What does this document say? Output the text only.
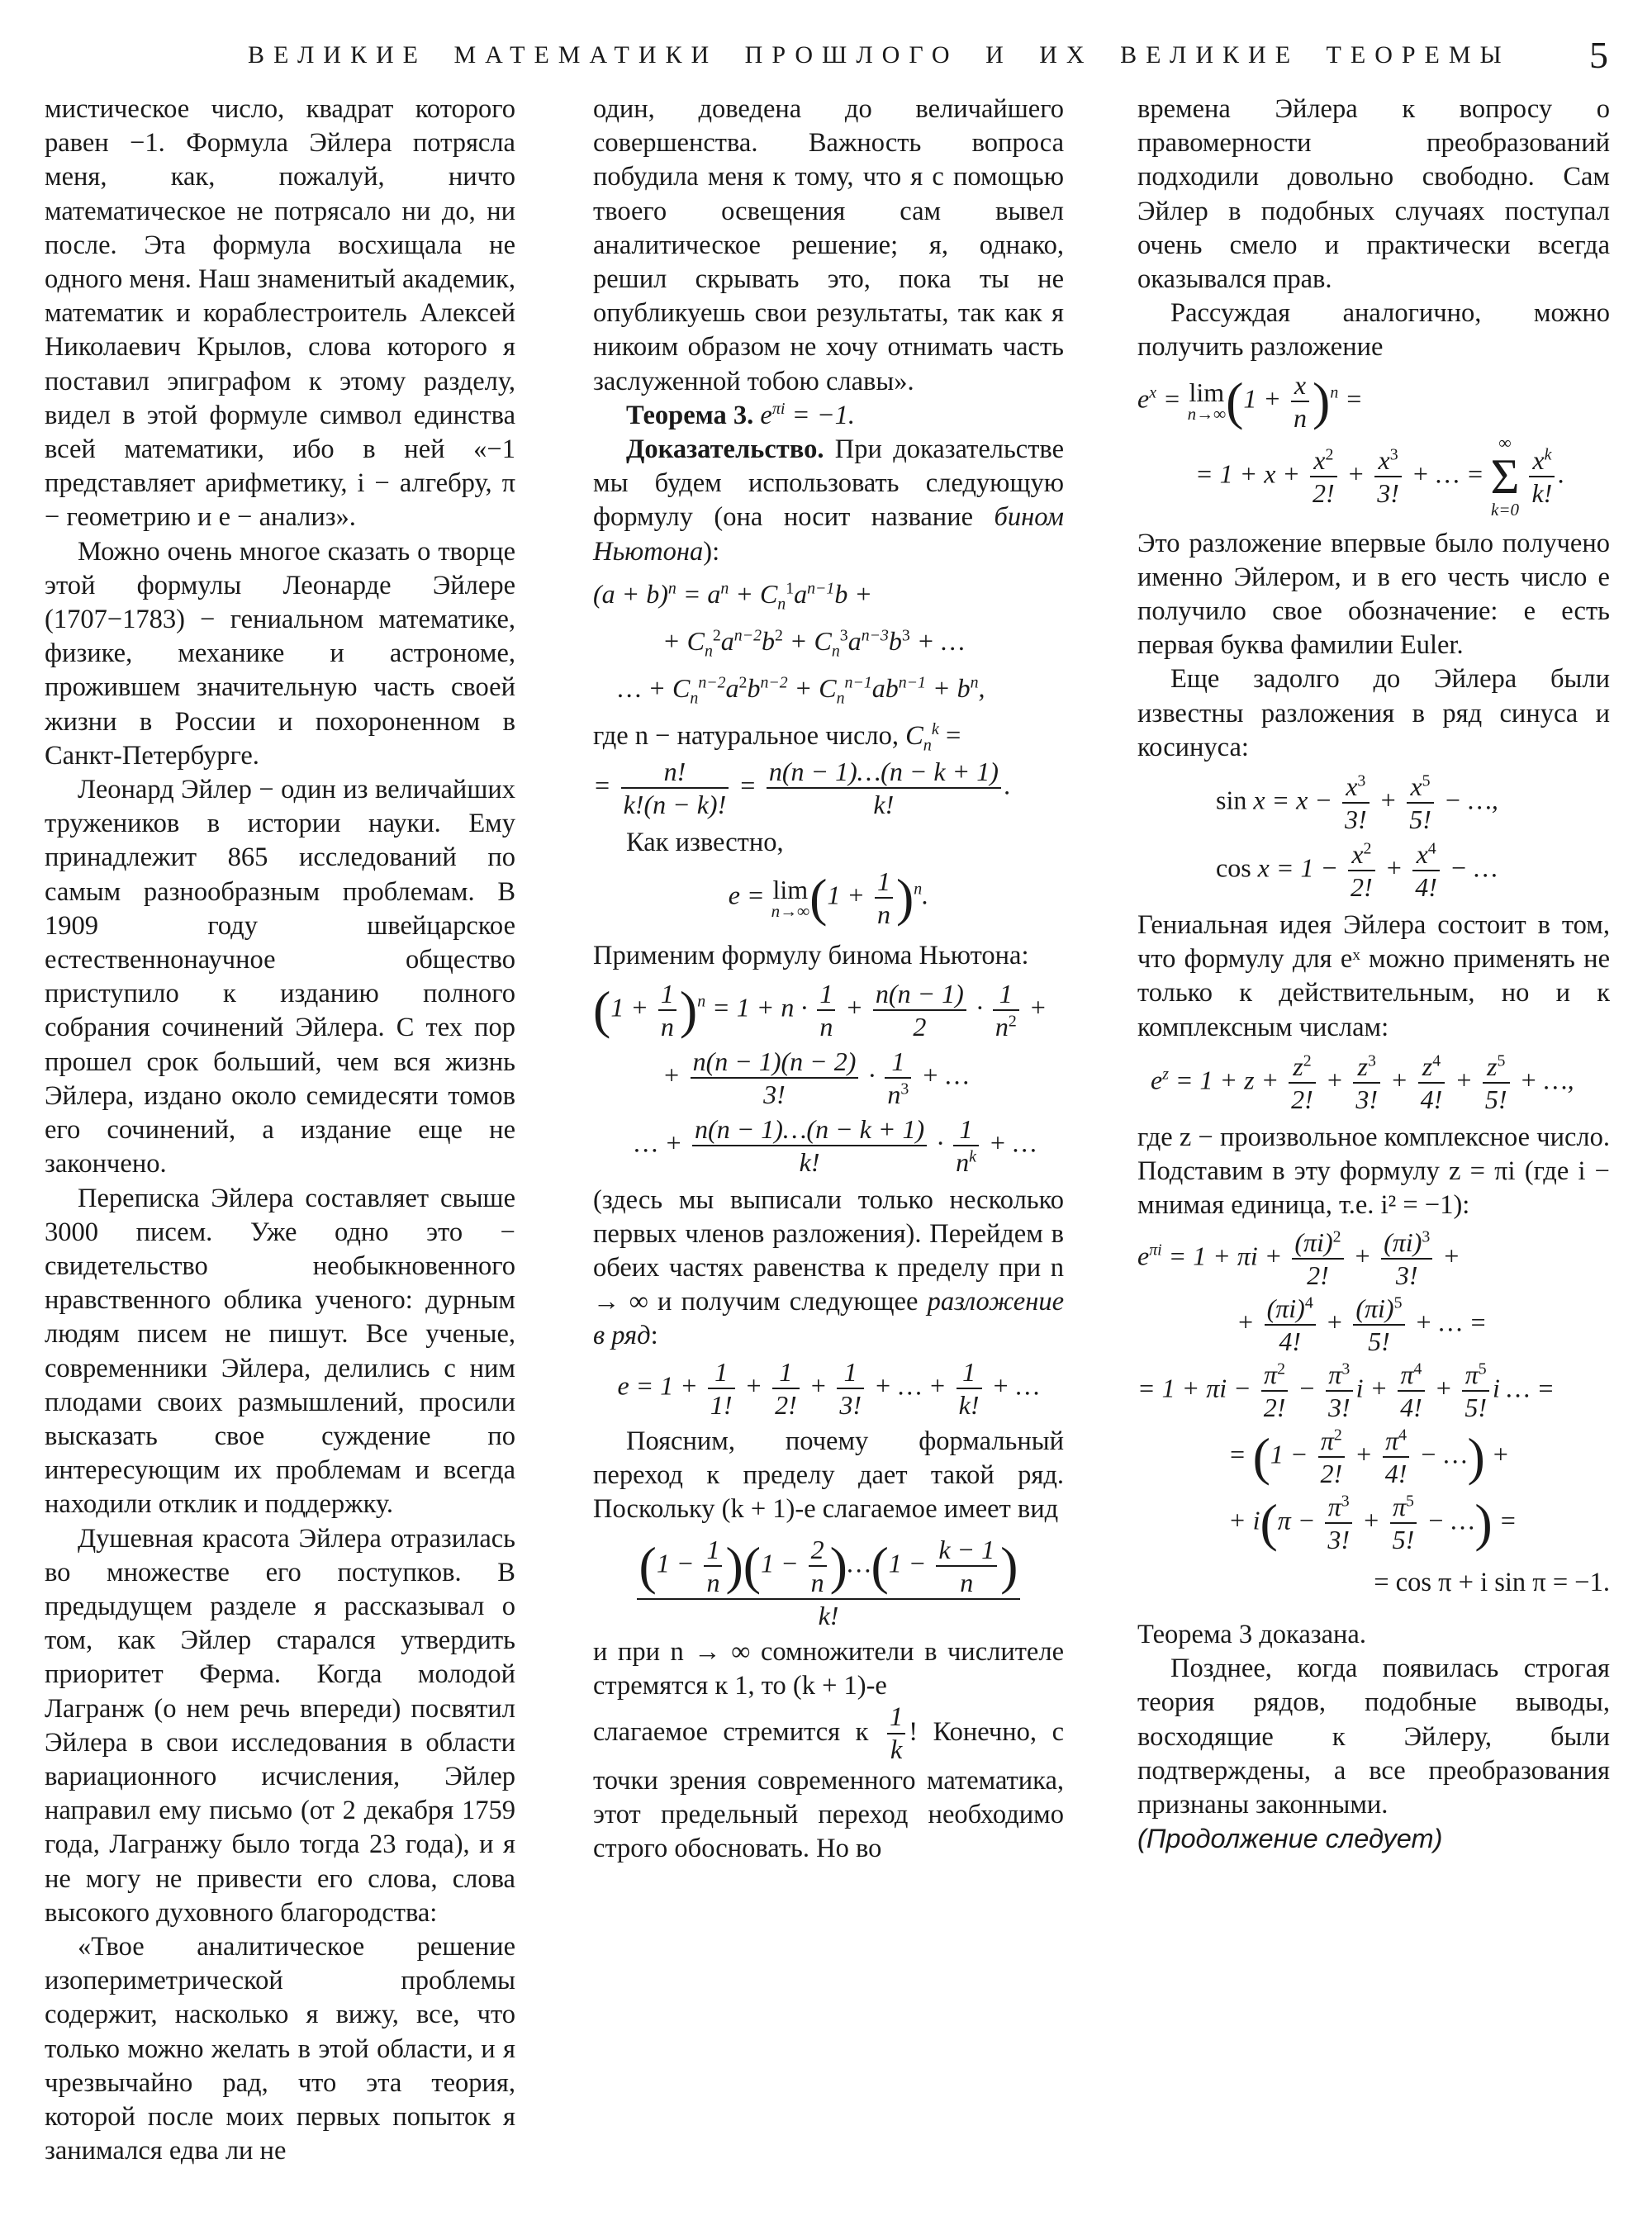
ВЕЛИКИЕ МАТЕМАТИКИ ПРОШЛОГО И ИХ ВЕЛИКИЕ ТЕОРЕМЫ 5

мистическое число, квадрат которого равен −1. Формула Эйлера потрясла меня, как, пожалуй, ничто математическое не потрясало ни до, ни после. Эта формула восхищала не одного меня. Наш знаменитый академик, математик и кораблестроитель Алексей Николаевич Крылов, слова которого я поставил эпиграфом к этому разделу, видел в этой формуле символ единства всей математики, ибо в ней «−1 представляет арифметику, i − алгебру, π − геометрию и e − анализ».

Можно очень многое сказать о творце этой формулы Леонарде Эйлере (1707−1783) − гениальном математике, физике, механике и астрономе, прожившем значительную часть своей жизни в России и похороненном в Санкт-Петербурге.

Леонард Эйлер − один из величайших тружеников в истории науки. Ему принадлежит 865 исследований по самым разнообразным проблемам. В 1909 году швейцарское естественнонаучное общество приступило к изданию полного собрания сочинений Эйлера. С тех пор прошел срок больший, чем вся жизнь Эйлера, издано около семидесяти томов его сочинений, а издание еще не закончено.

Переписка Эйлера составляет свыше 3000 писем. Уже одно это − свидетельство необыкновенного нравственного облика ученого: дурным людям писем не пишут. Все ученые, современники Эйлера, делились с ним плодами своих размышлений, просили высказать свое суждение по интересующим их проблемам и всегда находили отклик и поддержку.

Душевная красота Эйлера отразилась во множестве его поступков. В предыдущем разделе я рассказывал о том, как Эйлер старался утвердить приоритет Ферма. Когда молодой Лагранж (о нем речь впереди) посвятил Эйлера в свои исследования в области вариационного исчисления, Эйлер направил ему письмо (от 2 декабря 1759 года, Лагранжу было тогда 23 года), и я не могу не привести его слова, слова высокого духовного благородства:

«Твое аналитическое решение изопериметрической проблемы содержит, насколько я вижу, все, что только можно желать в этой области, и я чрезвычайно рад, что эта теория, которой после моих первых попыток я занимался едва ли не

один, доведена до величайшего совершенства. Важность вопроса побудила меня к тому, что я с помощью твоего освещения сам вывел аналитическое решение; я, однако, решил скрывать это, пока ты не опубликуешь свои результаты, так как я никоим образом не хочу отнимать часть заслуженной тобою славы».

Теорема 3. $e^{\pi i} = -1$.

Доказательство. При доказательстве мы будем использовать следующую формулу (она носит название бином Ньютона):

$(a + b)^n = a^n + C_n^1a^{n-1}b$ +
+ $C_n^2a^{n-2}b^2 + C_n^3a^{n-3}b^3$ + …
… + $C_n^{n-2}a^2b^{n-2} + C_n^{n-1}ab^{n-1} + b^n$,

где n − натуральное число, $C_n^k$ =

= $\frac{n!}{k!(n - k)!} = \frac{n(n - 1)\dots(n - k + 1)}{k!}$ .

Как известно,

e = lim
n→∞ $(1 + \frac{1}{n} )^n$.

Применим формулу бинома Ньютона:

$(1 + \frac{1}{n} )^n = 1 + n \cdot \frac{1}{n} + \frac{n(n - 1)}{2} \cdot \frac{1}{n^2}$ +
+ $\frac{n(n - 1)(n - 2)}{3!} \cdot \frac{1}{n^3}$ + …
… + $\frac{n(n - 1)\dots(n - k + 1)}{k!} \cdot \frac{1}{n^k}$ + …

(здесь мы выписали только несколько первых членов разложения). Перейдем в обеих частях равенства к пределу при n → ∞ и получим следующее разложение в ряд:

$e = 1 + \frac{1}{1!} + \frac{1}{2!} + \frac{1}{3!}$ + … + $\frac{1}{k!}$ + …

Поясним, почему формальный переход к пределу дает такой ряд. Поскольку (k + 1)-е слагаемое имеет вид

$\frac{(1 - \frac{1}{n} )(1 - \frac{2}{n} )\dots(1 - \frac{k - 1}{n} )}{k!}$

и при n → ∞ сомножители в числителе стремятся к 1, то (k + 1)-е

слагаемое стремится к $\frac{1}{k}$ ! Конечно, с точки зрения современного математика, этот предельный переход необходимо строго обосновать. Но во

времена Эйлера к вопросу о правомерности преобразований подходили довольно свободно. Сам Эйлер в подобных случаях поступал очень смело и практически всегда оказывался прав.

Рассуждая аналогично, можно получить разложение

$e^x = \lim$
n→∞ $(1 + \frac{x}{n} )^n$ =
= $1 + x + \frac{x^2}{2!} + \frac{x^3}{3!}$ + … =
∞
Σ
k=0

$\frac{x^k}{k!}$ .

Это разложение впервые было получено именно Эйлером, и в его честь число e получило свое обозначение: e есть первая буква фамилии Euler.

Еще задолго до Эйлера были известны разложения в ряд синуса и косинуса:

$\sin x = x - \frac{x^3}{3!} + \frac{x^5}{5!}$ − …,
$\cos x = 1 - \frac{x^2}{2!} + \frac{x^4}{4!}$ − …

Гениальная идея Эйлера состоит в том, что формулу для eˣ можно применять не только к действительным, но и к комплексным числам:

$e^z = 1 + z + \frac{z^2}{2!} + \frac{z^3}{3!} + \frac{z^4}{4!} + \frac{z^5}{5!}$ + …,

где z − произвольное комплексное число. Подставим в эту формулу z = πi (где i − мнимая единица, т.е. i² = −1):

$e^{\pi i} = 1 + \pi i + \frac{(\pi i)^2}{2!} + \frac{(\pi i)^3}{3!}$ +
+ $\frac{(\pi i)^4}{4!} + \frac{(\pi i)^5}{5!}$ + … =
= $1 + \pi i - \frac{\pi^2}{2!} - \frac{\pi^3}{3!}$ $i + \frac{\pi^4}{4!} + \frac{\pi^5}{5!}$ i … =
= ($1 - \frac{\pi^2}{2!} + \frac{\pi^4}{4!}$ − …) +
+ $i(\pi - \frac{\pi^3}{3!} + \frac{\pi^5}{5!}$ − …) =

= cos π + i sin π = −1.

Теорема 3 доказана.

Позднее, когда появилась строгая теория рядов, подобные выводы, восходящие к Эйлеру, были подтверждены, а все преобразования признаны законными.

(Продолжение следует)
